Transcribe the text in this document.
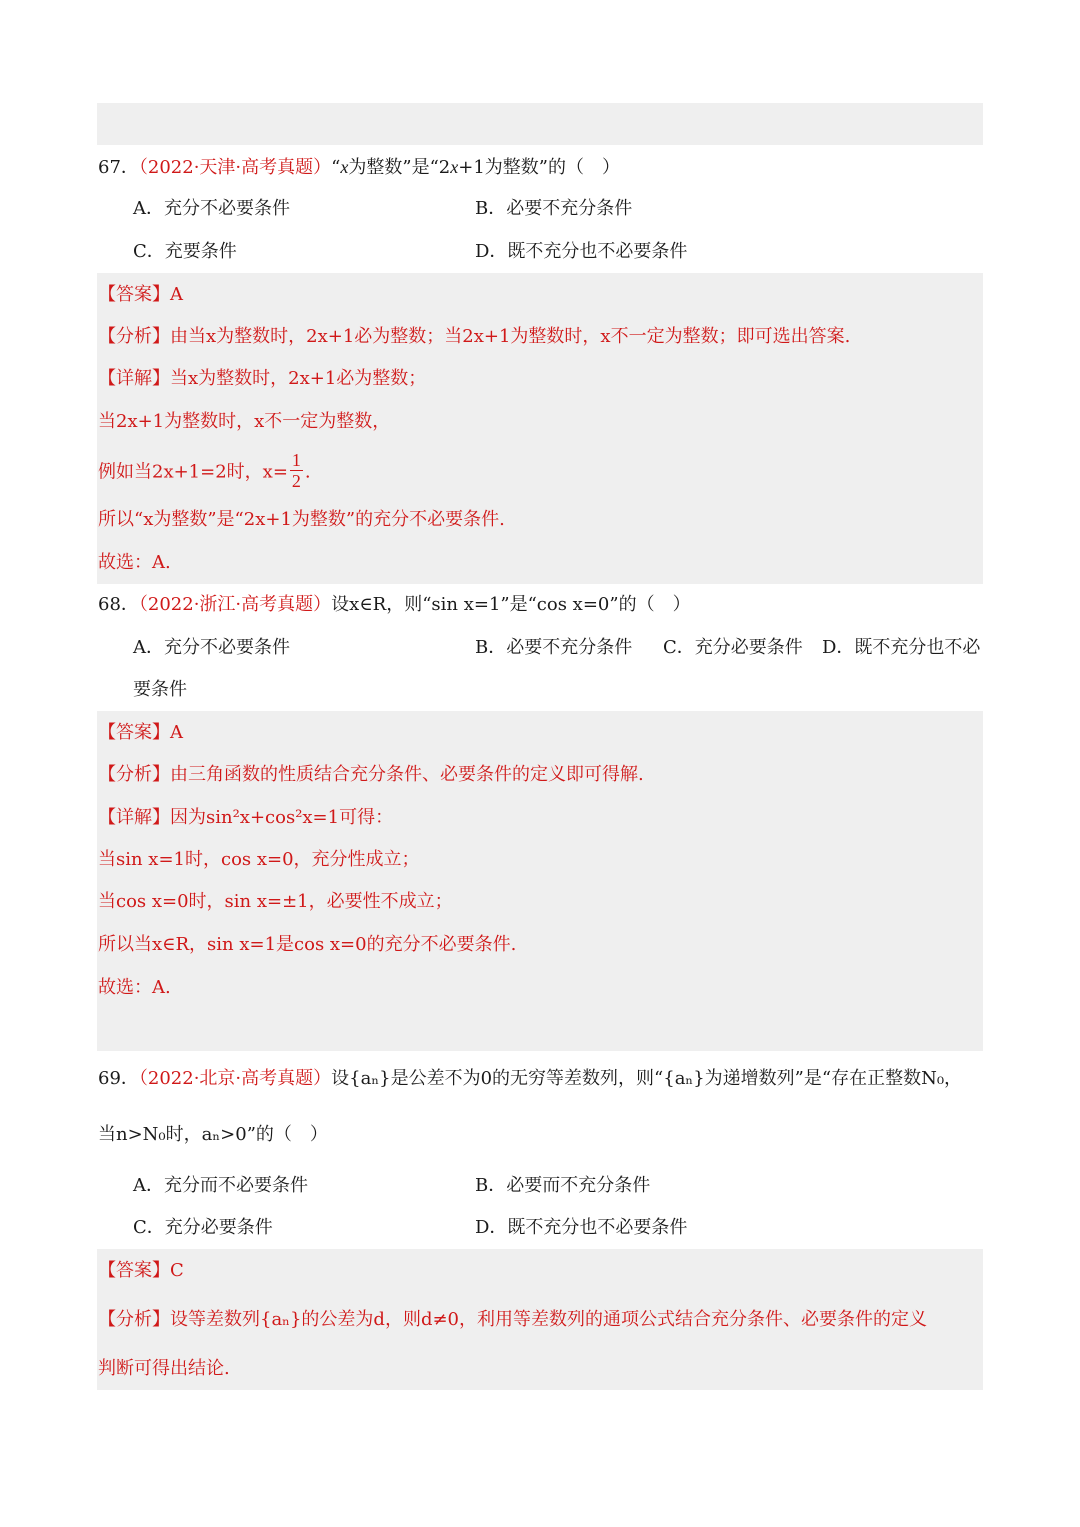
67．（2022·天津·高考真题）“x为整数”是“2x+1为整数”的（　）
A．充分不必要条件	B．必要不充分条件
C．充要条件	D．既不充分也不必要条件
【答案】A
【分析】由当x为整数时，2x+1必为整数；当2x+1为整数时，x不一定为整数；即可选出答案.
【详解】当x为整数时，2x+1必为整数；
当2x+1为整数时，x不一定为整数，
例如当2x+1=2时，$x= \frac{1}{2}$ .
所以“x为整数”是“2x+1为整数”的充分不必要条件.
故选：A.
68．（2022·浙江·高考真题）设x∈R，则“sin x=1”是“cos x=0”的（　）
A．充分不必要条件	B．必要不充分条件 C．充分必要条件 D．既不充分也不必
要条件
【答案】A
【分析】由三角函数的性质结合充分条件、必要条件的定义即可得解.
【详解】因为sin²x+cos²x=1可得：
当sin x=1时，cos x=0，充分性成立；
当cos x=0时，sin x=±1，必要性不成立；
所以当x∈R，sin x=1是cos x=0的充分不必要条件.
故选：A.
69．（2022·北京·高考真题）设{aₙ}是公差不为0的无穷等差数列，则“{aₙ}为递增数列”是“存在正整数N₀，
当n>N₀时，aₙ>0”的（　）
A．充分而不必要条件	B．必要而不充分条件
C．充分必要条件	D．既不充分也不必要条件
【答案】C
【分析】设等差数列{aₙ}的公差为d，则d≠0，利用等差数列的通项公式结合充分条件、必要条件的定义
判断可得出结论.
